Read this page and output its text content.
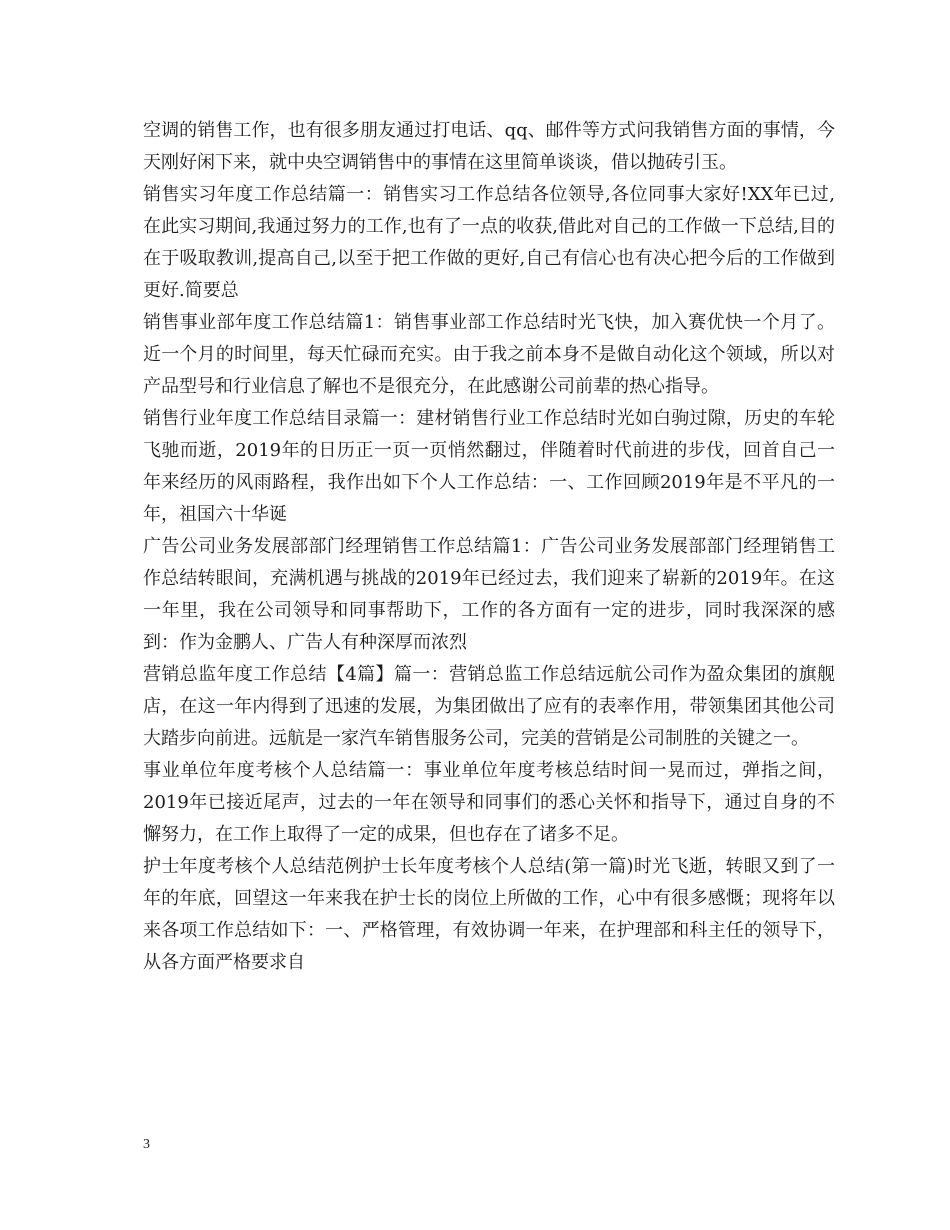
空调的销售工作，也有很多朋友通过打电话、qq、邮件等方式问我销售方面的事情，今天刚好闲下来，就中央空调销售中的事情在这里简单谈谈，借以抛砖引玉。

销售实习年度工作总结篇一：销售实习工作总结各位领导,各位同事大家好!XX年已过,在此实习期间,我通过努力的工作,也有了一点的收获,借此对自己的工作做一下总结,目的在于吸取教训,提高自己,以至于把工作做的更好,自己有信心也有决心把今后的工作做到更好.简要总

销售事业部年度工作总结篇1：销售事业部工作总结时光飞快，加入赛优快一个月了。近一个月的时间里，每天忙碌而充实。由于我之前本身不是做自动化这个领域，所以对产品型号和行业信息了解也不是很充分，在此感谢公司前辈的热心指导。

销售行业年度工作总结目录篇一：建材销售行业工作总结时光如白驹过隙，历史的车轮飞驰而逝，2019年的日历正一页一页悄然翻过，伴随着时代前进的步伐，回首自己一年来经历的风雨路程，我作出如下个人工作总结：一、工作回顾2019年是不平凡的一年，祖国六十华诞

广告公司业务发展部部门经理销售工作总结篇1：广告公司业务发展部部门经理销售工作总结转眼间，充满机遇与挑战的2019年已经过去，我们迎来了崭新的2019年。在这一年里，我在公司领导和同事帮助下，工作的各方面有一定的进步，同时我深深的感到：作为金鹏人、广告人有种深厚而浓烈

营销总监年度工作总结【4篇】篇一：营销总监工作总结远航公司作为盈众集团的旗舰店，在这一年内得到了迅速的发展，为集团做出了应有的表率作用，带领集团其他公司大踏步向前进。远航是一家汽车销售服务公司，完美的营销是公司制胜的关键之一。

事业单位年度考核个人总结篇一：事业单位年度考核总结时间一晃而过，弹指之间，2019年已接近尾声，过去的一年在领导和同事们的悉心关怀和指导下，通过自身的不懈努力，在工作上取得了一定的成果，但也存在了诸多不足。

护士年度考核个人总结范例护士长年度考核个人总结(第一篇)时光飞逝，转眼又到了一年的年底，回望这一年来我在护士长的岗位上所做的工作，心中有很多感慨；现将年以来各项工作总结如下：一、严格管理，有效协调一年来，在护理部和科主任的领导下，从各方面严格要求自

3
